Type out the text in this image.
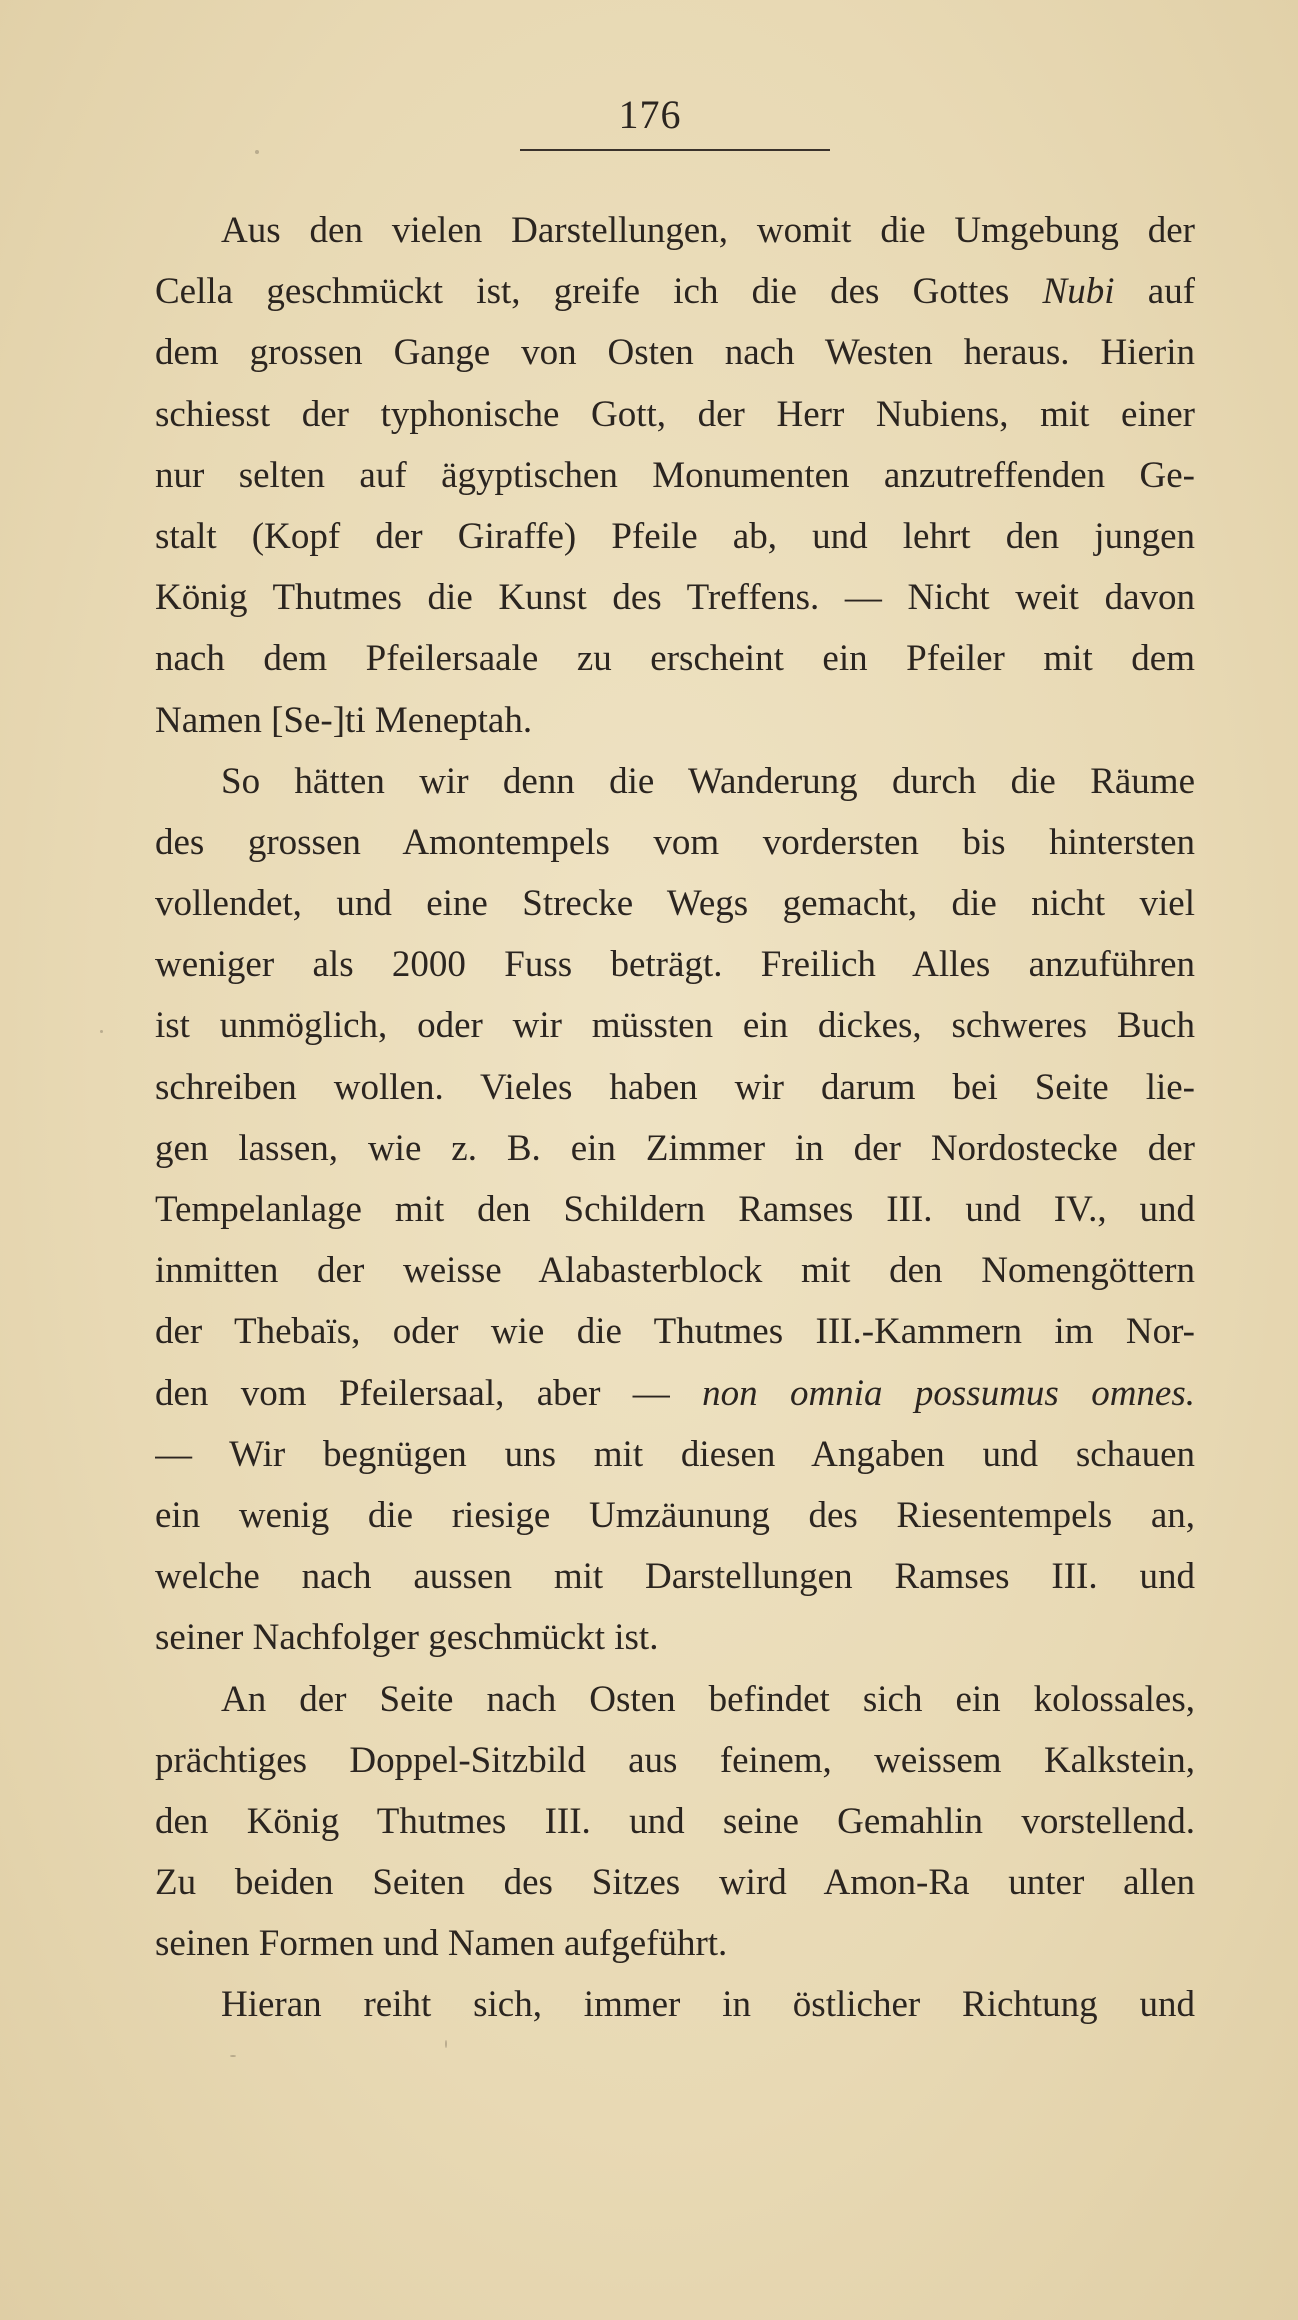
176
Aus den vielen Darstellungen, womit die Umgebung der
Cella geschmückt ist, greife ich die des Gottes Nubi auf
dem grossen Gange von Osten nach Westen heraus. Hierin
schiesst der typhonische Gott, der Herr Nubiens, mit einer
nur selten auf ägyptischen Monumenten anzutreffenden Ge-
stalt (Kopf der Giraffe) Pfeile ab, und lehrt den jungen
König Thutmes die Kunst des Treffens. — Nicht weit davon
nach dem Pfeilersaale zu erscheint ein Pfeiler mit dem
Namen [Se-]ti Meneptah.
So hätten wir denn die Wanderung durch die Räume
des grossen Amontempels vom vordersten bis hintersten
vollendet, und eine Strecke Wegs gemacht, die nicht viel
weniger als 2000 Fuss beträgt. Freilich Alles anzuführen
ist unmöglich, oder wir müssten ein dickes, schweres Buch
schreiben wollen. Vieles haben wir darum bei Seite lie-
gen lassen, wie z. B. ein Zimmer in der Nordostecke der
Tempelanlage mit den Schildern Ramses III. und IV., und
inmitten der weisse Alabasterblock mit den Nomengöttern
der Thebaïs, oder wie die Thutmes III.-Kammern im Nor-
den vom Pfeilersaal, aber — non omnia possumus omnes.
— Wir begnügen uns mit diesen Angaben und schauen
ein wenig die riesige Umzäunung des Riesentempels an,
welche nach aussen mit Darstellungen Ramses III. und
seiner Nachfolger geschmückt ist.
An der Seite nach Osten befindet sich ein kolossales,
prächtiges Doppel-Sitzbild aus feinem, weissem Kalkstein,
den König Thutmes III. und seine Gemahlin vorstellend.
Zu beiden Seiten des Sitzes wird Amon-Ra unter allen
seinen Formen und Namen aufgeführt.
Hieran reiht sich, immer in östlicher Richtung und
